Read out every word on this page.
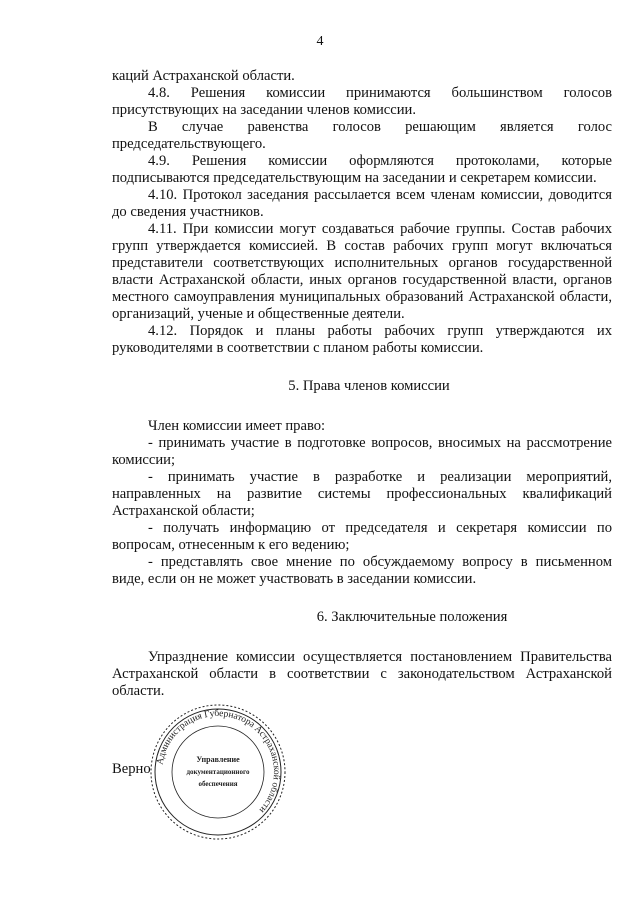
4

каций Астраханской области.

4.8. Решения комиссии принимаются большинством голосов присутствующих на заседании членов комиссии.

В случае равенства голосов решающим является голос председательствующего.

4.9. Решения комиссии оформляются протоколами, которые подписываются председательствующим на заседании и секретарем комиссии.

4.10. Протокол заседания рассылается всем членам комиссии, доводится до сведения участников.

4.11. При комиссии могут создаваться рабочие группы. Состав рабочих групп утверждается комиссией. В состав рабочих групп могут включаться представители соответствующих исполнительных органов государственной власти Астраханской области, иных органов государственной власти, органов местного самоуправления муниципальных образований Астраханской области, организаций, ученые и общественные деятели.

4.12. Порядок и планы работы рабочих групп утверждаются их руководителями в соответствии с планом работы комиссии.

5. Права членов комиссии

Член комиссии имеет право:

- принимать участие в подготовке вопросов, вносимых на рассмотрение комиссии;

- принимать участие в разработке и реализации мероприятий, направленных на развитие системы профессиональных квалификаций Астраханской области;

- получать информацию от председателя и секретаря комиссии по вопросам, отнесенным к его ведению;

- представлять свое мнение по обсуждаемому вопросу в письменном виде, если он не может участвовать в заседании комиссии.

6. Заключительные положения

Упразднение комиссии осуществляется постановлением Правительства Астраханской области в соответствии с законодательством Астраханской области.

Верно Администрация Губернатора Астраханской области
Управление
документационного
обеспечения
